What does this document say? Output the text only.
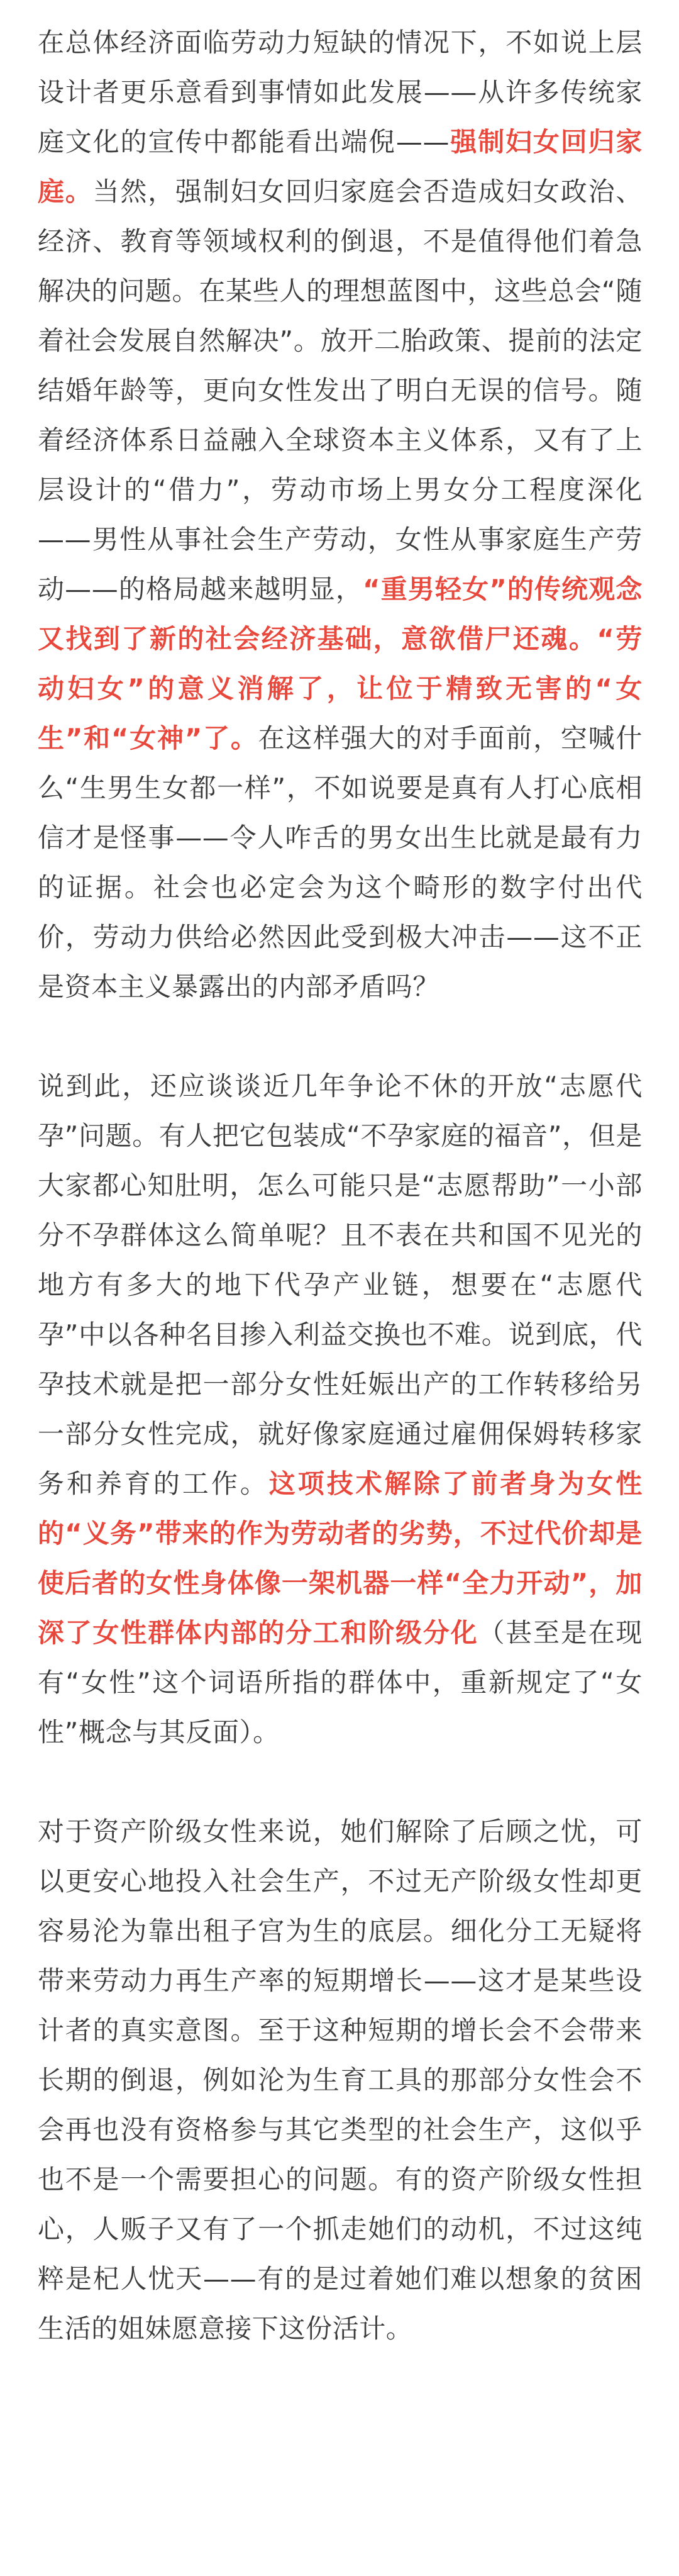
在总体经济面临劳动力短缺的情况下，不如说上层设计者更乐意看到事情如此发展——从许多传统家庭文化的宣传中都能看出端倪——强制妇女回归家庭。当然，强制妇女回归家庭会否造成妇女政治、经济、教育等领域权利的倒退，不是值得他们着急解决的问题。在某些人的理想蓝图中，这些总会“随着社会发展自然解决”。放开二胎政策、提前的法定结婚年龄等，更向女性发出了明白无误的信号。随着经济体系日益融入全球资本主义体系，又有了上层设计的“借力”，劳动市场上男女分工程度深化——男性从事社会生产劳动，女性从事家庭生产劳动——的格局越来越明显，“重男轻女”的传统观念又找到了新的社会经济基础，意欲借尸还魂。“劳动妇女”的意义消解了，让位于精致无害的“女生”和“女神”了。在这样强大的对手面前，空喊什么“生男生女都一样”，不如说要是真有人打心底相信才是怪事——令人咋舌的男女出生比就是最有力的证据。社会也必定会为这个畸形的数字付出代价，劳动力供给必然因此受到极大冲击——这不正是资本主义暴露出的内部矛盾吗？

说到此，还应谈谈近几年争论不休的开放“志愿代孕”问题。有人把它包装成“不孕家庭的福音”，但是大家都心知肚明，怎么可能只是“志愿帮助”一小部分不孕群体这么简单呢？且不表在共和国不见光的地方有多大的地下代孕产业链，想要在“志愿代孕”中以各种名目掺入利益交换也不难。说到底，代孕技术就是把一部分女性妊娠出产的工作转移给另一部分女性完成，就好像家庭通过雇佣保姆转移家务和养育的工作。这项技术解除了前者身为女性的“义务”带来的作为劳动者的劣势，不过代价却是使后者的女性身体像一架机器一样“全力开动”，加深了女性群体内部的分工和阶级分化（甚至是在现有“女性”这个词语所指的群体中，重新规定了“女性”概念与其反面）。

对于资产阶级女性来说，她们解除了后顾之忧，可以更安心地投入社会生产，不过无产阶级女性却更容易沦为靠出租子宫为生的底层。细化分工无疑将带来劳动力再生产率的短期增长——这才是某些设计者的真实意图。至于这种短期的增长会不会带来长期的倒退，例如沦为生育工具的那部分女性会不会再也没有资格参与其它类型的社会生产，这似乎也不是一个需要担心的问题。有的资产阶级女性担心，人贩子又有了一个抓走她们的动机，不过这纯粹是杞人忧天——有的是过着她们难以想象的贫困生活的姐妹愿意接下这份活计。
